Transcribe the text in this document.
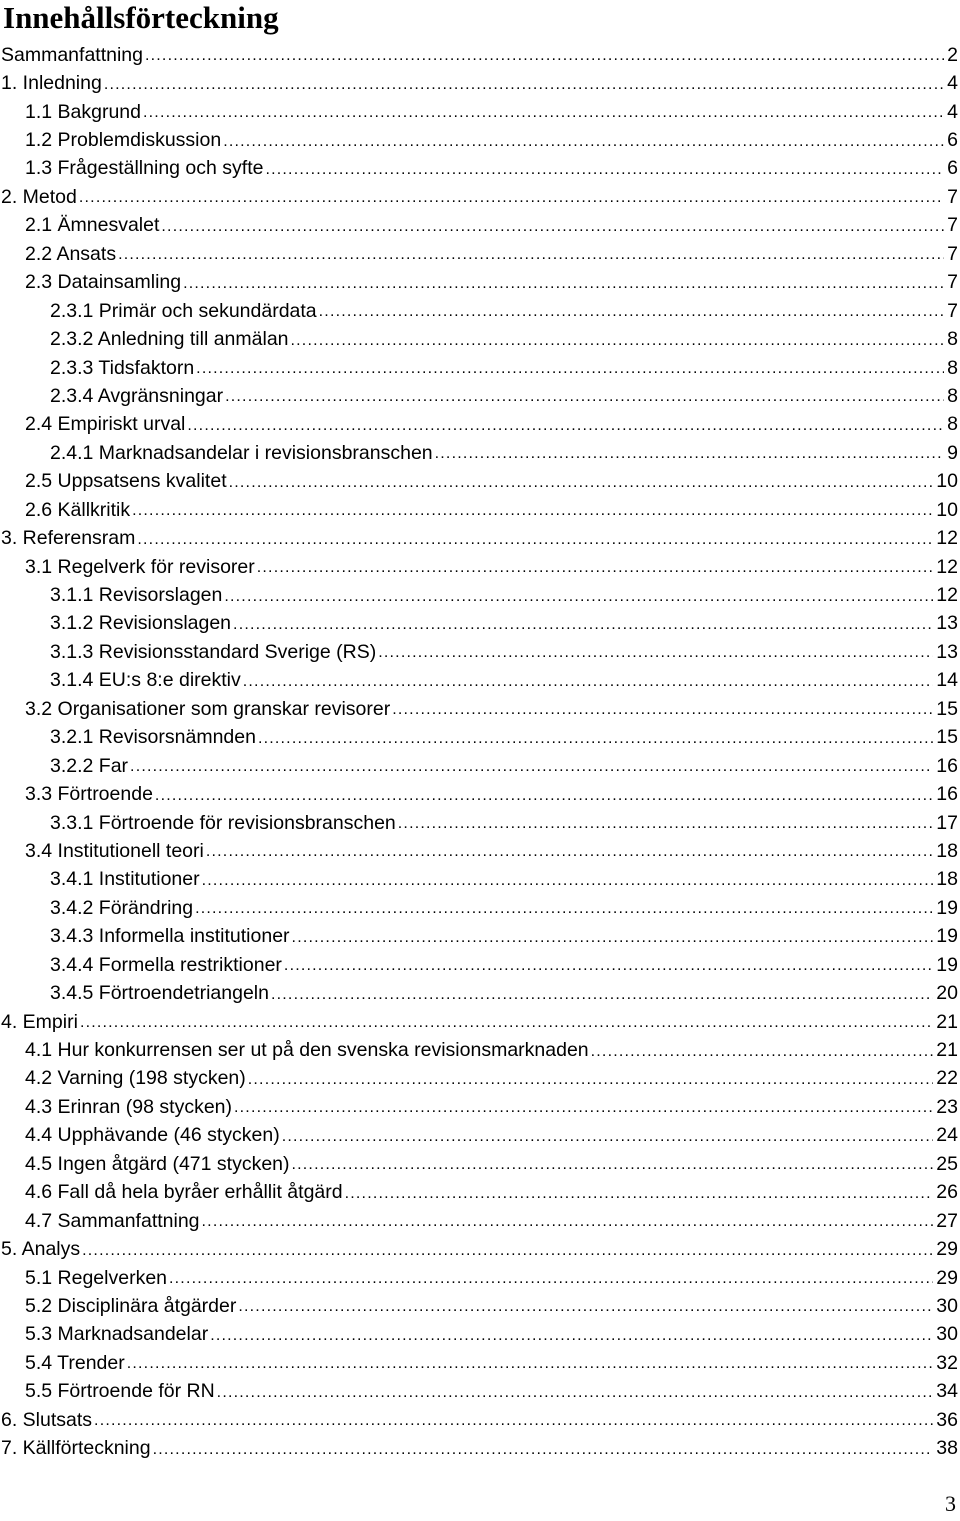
Innehållsförteckning
Sammanfattning .....	2
1. Inledning .....	4
1.1 Bakgrund .....	4
1.2 Problemdiskussion .....	6
1.3 Frågeställning och syfte .....	6
2. Metod .....	7
2.1 Ämnesvalet .....	7
2.2 Ansats .....	7
2.3 Datainsamling .....	7
2.3.1 Primär och sekundärdata .....	7
2.3.2 Anledning till anmälan .....	8
2.3.3 Tidsfaktorn .....	8
2.3.4 Avgränsningar .....	8
2.4 Empiriskt urval .....	8
2.4.1 Marknadsandelar i revisionsbranschen .....	9
2.5 Uppsatsens kvalitet .....	10
2.6 Källkritik .....	10
3. Referensram .....	12
3.1 Regelverk för revisorer .....	12
3.1.1 Revisorslagen .....	12
3.1.2 Revisionslagen .....	13
3.1.3 Revisionsstandard Sverige (RS) .....	13
3.1.4 EU:s 8:e direktiv .....	14
3.2 Organisationer som granskar revisorer .....	15
3.2.1 Revisorsnämnden .....	15
3.2.2 Far .....	16
3.3 Förtroende .....	16
3.3.1 Förtroende för revisionsbranschen .....	17
3.4 Institutionell teori .....	18
3.4.1 Institutioner .....	18
3.4.2 Förändring .....	19
3.4.3 Informella institutioner .....	19
3.4.4 Formella restriktioner .....	19
3.4.5 Förtroendetriangeln .....	20
4. Empiri .....	21
4.1 Hur konkurrensen ser ut på den svenska revisionsmarknaden .....	21
4.2 Varning (198 stycken) .....	22
4.3 Erinran (98 stycken) .....	23
4.4 Upphävande (46 stycken) .....	24
4.5 Ingen åtgärd (471 stycken) .....	25
4.6 Fall då hela byråer erhållit åtgärd .....	26
4.7 Sammanfattning .....	27
5. Analys .....	29
5.1 Regelverken .....	29
5.2 Disciplinära åtgärder .....	30
5.3 Marknadsandelar .....	30
5.4 Trender .....	32
5.5 Förtroende för RN .....	34
6. Slutsats .....	36
7. Källförteckning .....	38
3
